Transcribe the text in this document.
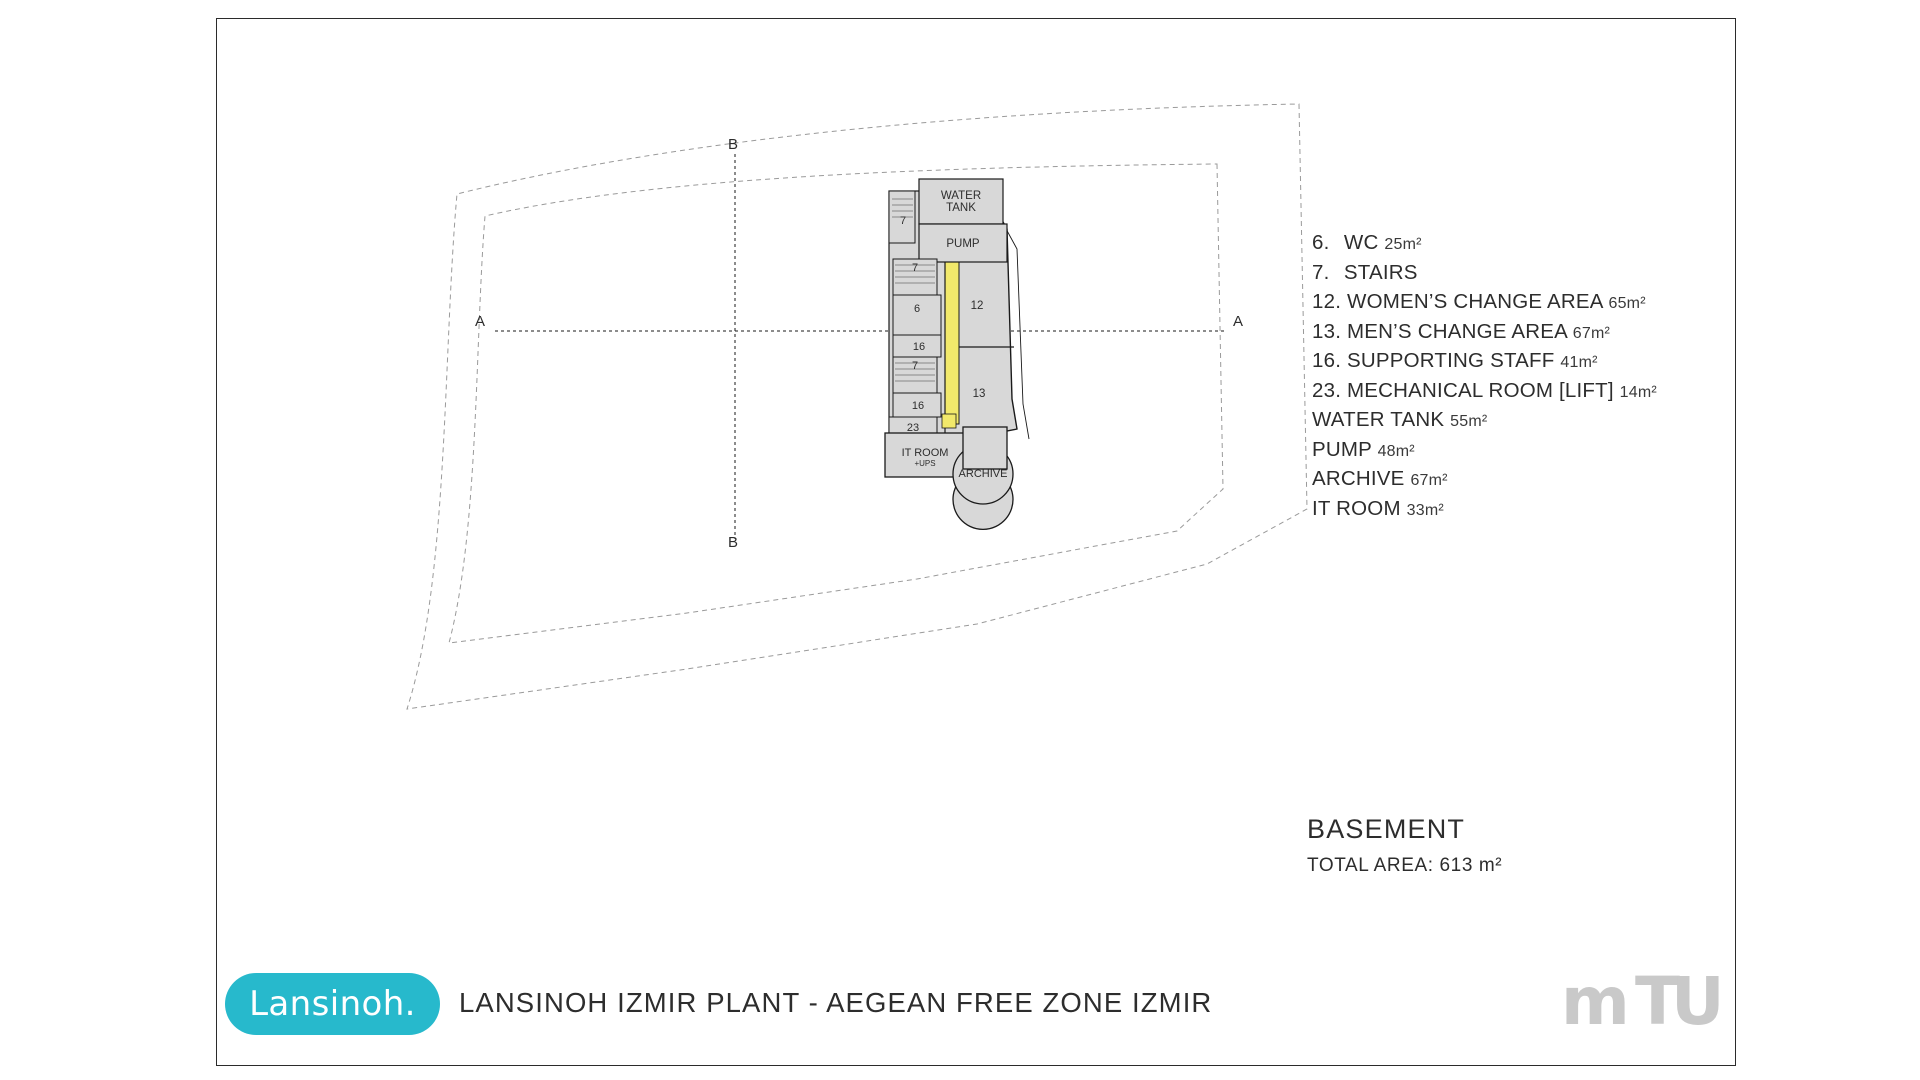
A	A
B
B
WATER
TANK
PUMP
7
7
6
16
7
16
23
IT ROOM
+UPS
12
13
ARCHIVE
6. WC 25m²
7. STAIRS
12. WOMEN’S CHANGE AREA 65m²
13. MEN’S CHANGE AREA 67m²
16. SUPPORTING STAFF 41m²
23. MECHANICAL ROOM [LIFT] 14m²
WATER TANK 55m²
PUMP 48m²
ARCHIVE 67m²
IT ROOM 33m²
BASEMENT
TOTAL AREA: 613 m²
Lansinoh. LANSINOH IZMIR PLANT - AEGEAN FREE ZONE IZMIR	m T
U
